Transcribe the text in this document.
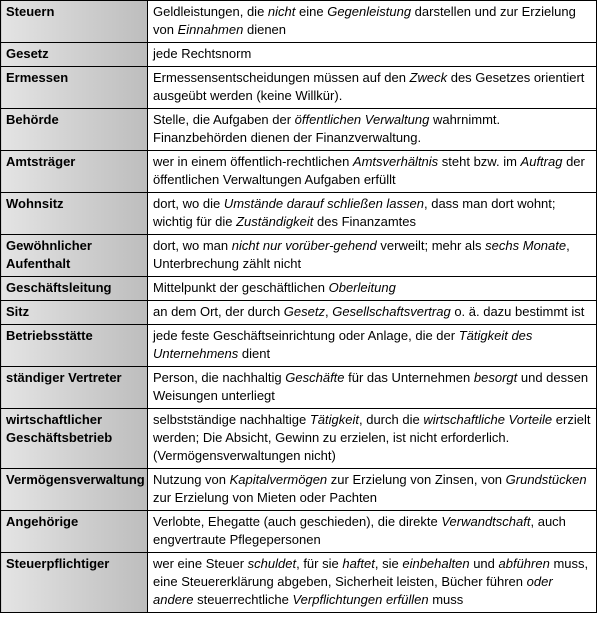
Steuern	Geldleistungen, die nicht eine Gegenleistung darstellen und zur Erzielung von Einnahmen dienen
Gesetz	jede Rechtsnorm
Ermessen	Ermessensentscheidungen müssen auf den Zweck des Gesetzes orientiert ausgeübt werden (keine Willkür).
Behörde	Stelle, die Aufgaben der öffentlichen Verwaltung wahrnimmt. Finanzbehörden dienen der Finanzverwaltung.
Amtsträger	wer in einem öffentlich-rechtlichen Amtsverhältnis steht bzw. im Auftrag der öffentlichen Verwaltungen Aufgaben erfüllt
Wohnsitz	dort, wo die Umstände darauf schließen lassen, dass man dort wohnt; wichtig für die Zuständigkeit des Finanzamtes
Gewöhnlicher Aufenthalt	dort, wo man nicht nur vorüber-gehend verweilt; mehr als sechs Monate, Unterbrechung zählt nicht
Geschäftsleitung	Mittelpunkt der geschäftlichen Oberleitung
Sitz	an dem Ort, der durch Gesetz, Gesellschaftsvertrag o. ä. dazu bestimmt ist
Betriebsstätte	jede feste Geschäftseinrichtung oder Anlage, die der Tätigkeit des Unternehmens dient
ständiger Vertreter	Person, die nachhaltig Geschäfte für das Unternehmen besorgt und dessen Weisungen unterliegt
wirtschaftlicher Geschäftsbetrieb	selbstständige nachhaltige Tätigkeit, durch die wirtschaftliche Vorteile erzielt werden; Die Absicht, Gewinn zu erzielen, ist nicht erforderlich. (Vermögensverwaltungen nicht)
Vermögensverwaltung	Nutzung von Kapitalvermögen zur Erzielung von Zinsen, von Grundstücken zur Erzielung von Mieten oder Pachten
Angehörige	Verlobte, Ehegatte (auch geschieden), die direkte Verwandtschaft, auch engvertraute Pflegepersonen
Steuerpflichtiger	wer eine Steuer schuldet, für sie haftet, sie einbehalten und abführen muss, eine Steuererklärung abgeben, Sicherheit leisten, Bücher führen oder andere steuerrechtliche Verpflichtungen erfüllen muss
